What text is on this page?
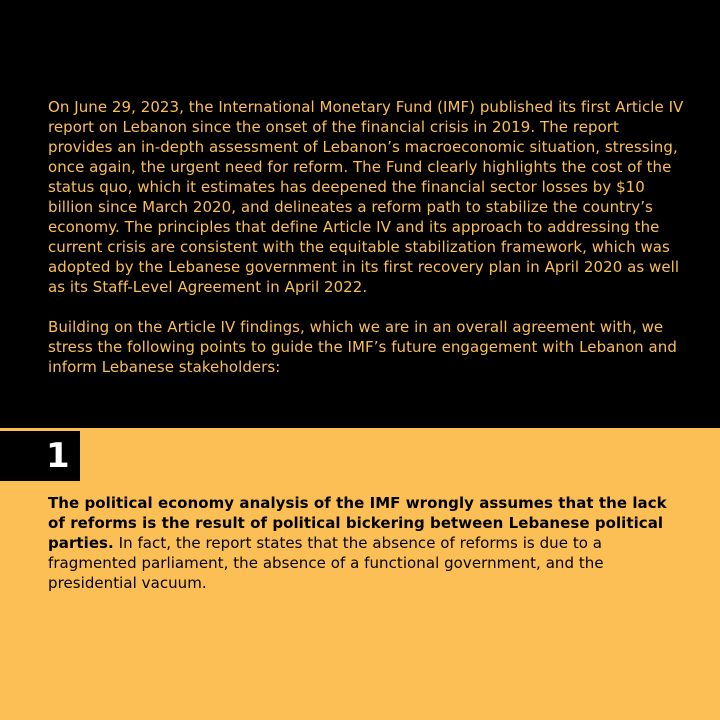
On June 29, 2023, the International Monetary Fund (IMF) published its first Article IV report on Lebanon since the onset of the financial crisis in 2019. The report provides an in-depth assessment of Lebanon’s macroeconomic situation, stressing, once again, the urgent need for reform. The Fund clearly highlights the cost of the status quo, which it estimates has deepened the financial sector losses by $10 billion since March 2020, and delineates a reform path to stabilize the country’s economy. The principles that define Article IV and its approach to addressing the current crisis are consistent with the equitable stabilization framework, which was adopted by the Lebanese government in its first recovery plan in April 2020 as well as its Staff-Level Agreement in April 2022.

Building on the Article IV findings, which we are in an overall agreement with, we stress the following points to guide the IMF’s future engagement with Lebanon and inform Lebanese stakeholders:

1

The political economy analysis of the IMF wrongly assumes that the lack of reforms is the result of political bickering between Lebanese political parties. In fact, the report states that the absence of reforms is due to a fragmented parliament, the absence of a functional government, and the presidential vacuum.
